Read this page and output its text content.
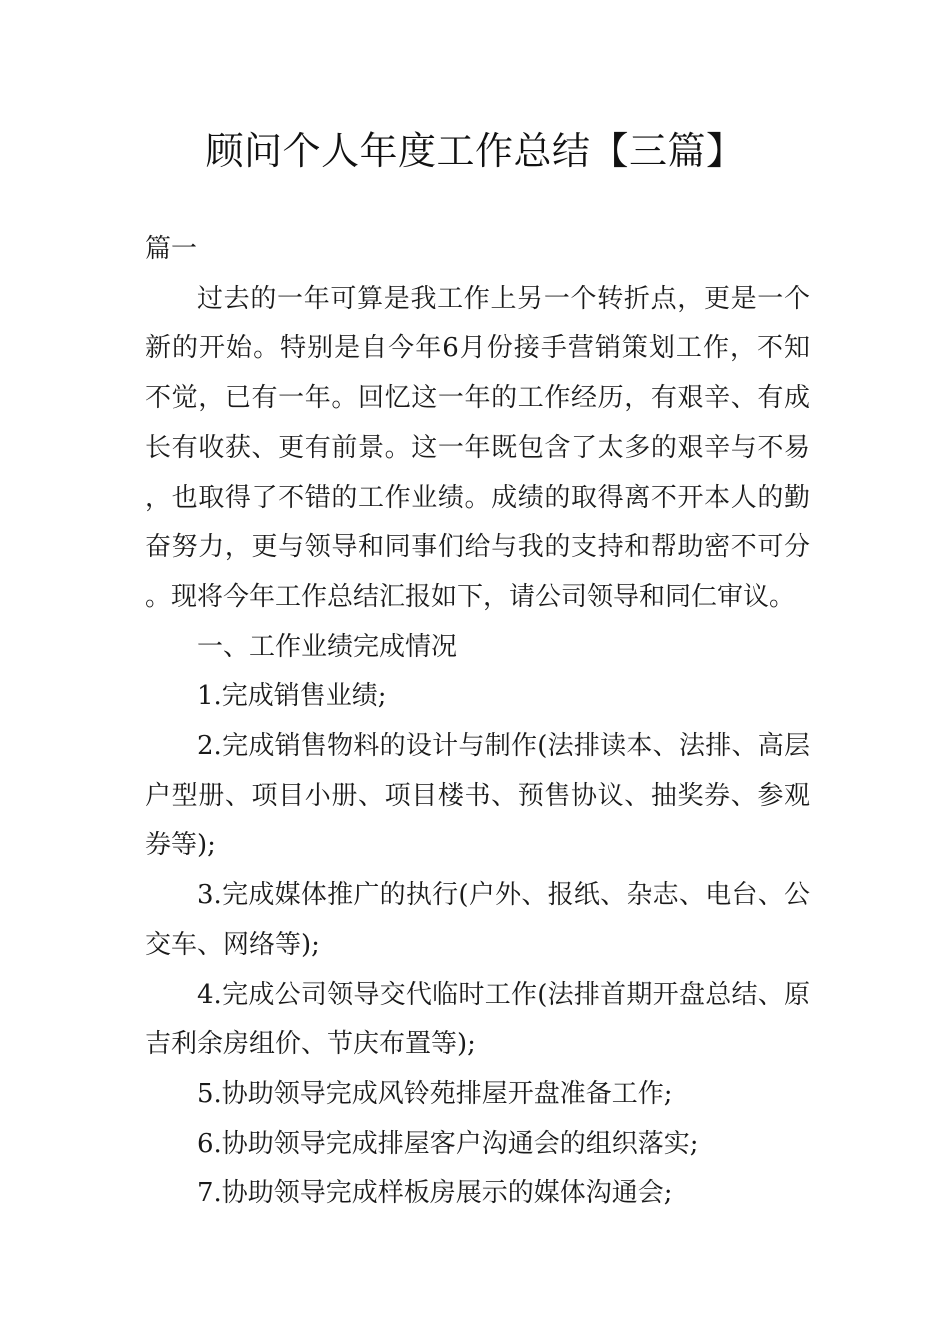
顾问个人年度工作总结【三篇】

篇一

过去的一年可算是我工作上另一个转折点，更是一个新的开始。特别是自今年6月份接手营销策划工作，不知不觉，已有一年。回忆这一年的工作经历，有艰辛、有成长有收获、更有前景。这一年既包含了太多的艰辛与不易，也取得了不错的工作业绩。成绩的取得离不开本人的勤奋努力，更与领导和同事们给与我的支持和帮助密不可分。现将今年工作总结汇报如下，请公司领导和同仁审议。

一、工作业绩完成情况

1.完成销售业绩;

2.完成销售物料的设计与制作(法排读本、法排、高层户型册、项目小册、项目楼书、预售协议、抽奖券、参观券等);

3.完成媒体推广的执行(户外、报纸、杂志、电台、公交车、网络等);

4.完成公司领导交代临时工作(法排首期开盘总结、原吉利余房组价、节庆布置等);

5.协助领导完成风铃苑排屋开盘准备工作;

6.协助领导完成排屋客户沟通会的组织落实;

7.协助领导完成样板房展示的媒体沟通会;
